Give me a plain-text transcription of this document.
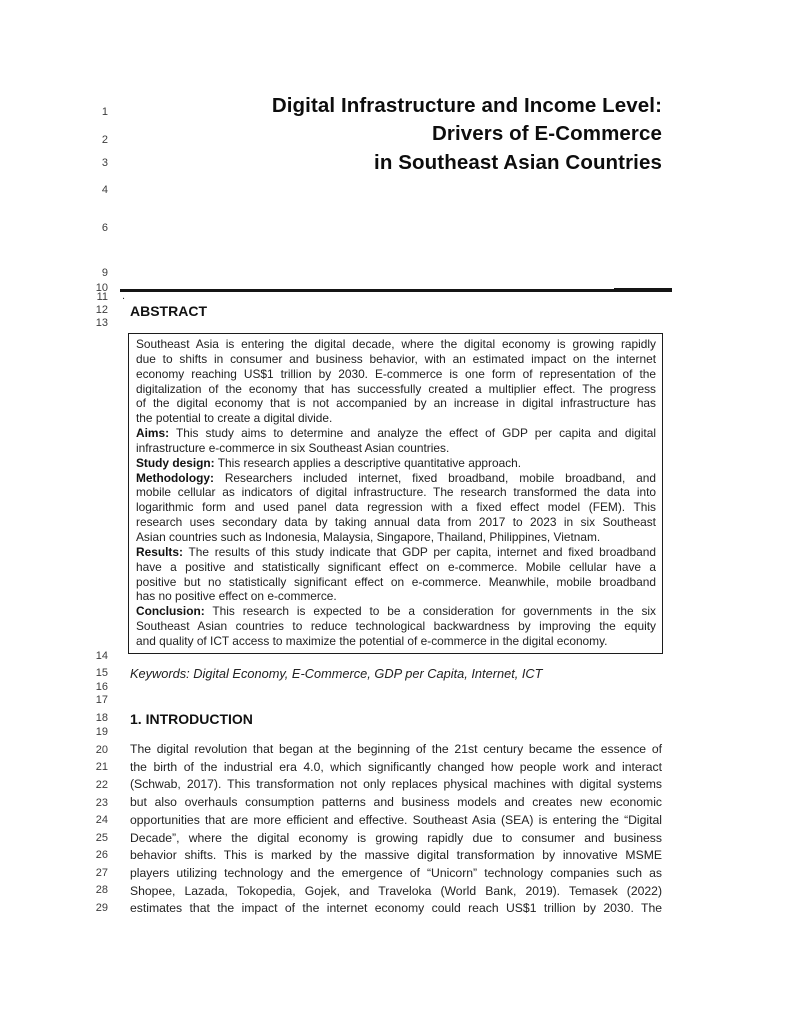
1
2
3
4
6
9
10
11
12
13
14
15
16
17
18
19
20
21
22
23
24
25
26
27
28
29
Digital Infrastructure and Income Level:
Drivers of E-Commerce
in Southeast Asian Countries
.
ABSTRACT
Southeast Asia is entering the digital decade, where the digital economy is growing rapidly
due to shifts in consumer and business behavior, with an estimated impact on the internet
economy reaching US$1 trillion by 2030. E-commerce is one form of representation of the
digitalization of the economy that has successfully created a multiplier effect. The progress
of the digital economy that is not accompanied by an increase in digital infrastructure has
the potential to create a digital divide.
Aims: This study aims to determine and analyze the effect of GDP per capita and digital
infrastructure e-commerce in six Southeast Asian countries.
Study design: This research applies a descriptive quantitative approach.
Methodology: Researchers included internet, fixed broadband, mobile broadband, and
mobile cellular as indicators of digital infrastructure. The research transformed the data into
logarithmic form and used panel data regression with a fixed effect model (FEM). This
research uses secondary data by taking annual data from 2017 to 2023 in six Southeast
Asian countries such as Indonesia, Malaysia, Singapore, Thailand, Philippines, Vietnam.
Results: The results of this study indicate that GDP per capita, internet and fixed broadband
have a positive and statistically significant effect on e-commerce. Mobile cellular have a
positive but no statistically significant effect on e-commerce. Meanwhile, mobile broadband
has no positive effect on e-commerce.
Conclusion: This research is expected to be a consideration for governments in the six
Southeast Asian countries to reduce technological backwardness by improving the equity
and quality of ICT access to maximize the potential of e-commerce in the digital economy.
Keywords: Digital Economy, E-Commerce, GDP per Capita, Internet, ICT
1. INTRODUCTION
The digital revolution that began at the beginning of the 21st century became the essence of
the birth of the industrial era 4.0, which significantly changed how people work and interact
(Schwab, 2017). This transformation not only replaces physical machines with digital systems
but also overhauls consumption patterns and business models and creates new economic
opportunities that are more efficient and effective. Southeast Asia (SEA) is entering the “Digital
Decade”, where the digital economy is growing rapidly due to consumer and business
behavior shifts. This is marked by the massive digital transformation by innovative MSME
players utilizing technology and the emergence of “Unicorn” technology companies such as
Shopee, Lazada, Tokopedia, Gojek, and Traveloka (World Bank, 2019). Temasek (2022)
estimates that the impact of the internet economy could reach US$1 trillion by 2030. The
